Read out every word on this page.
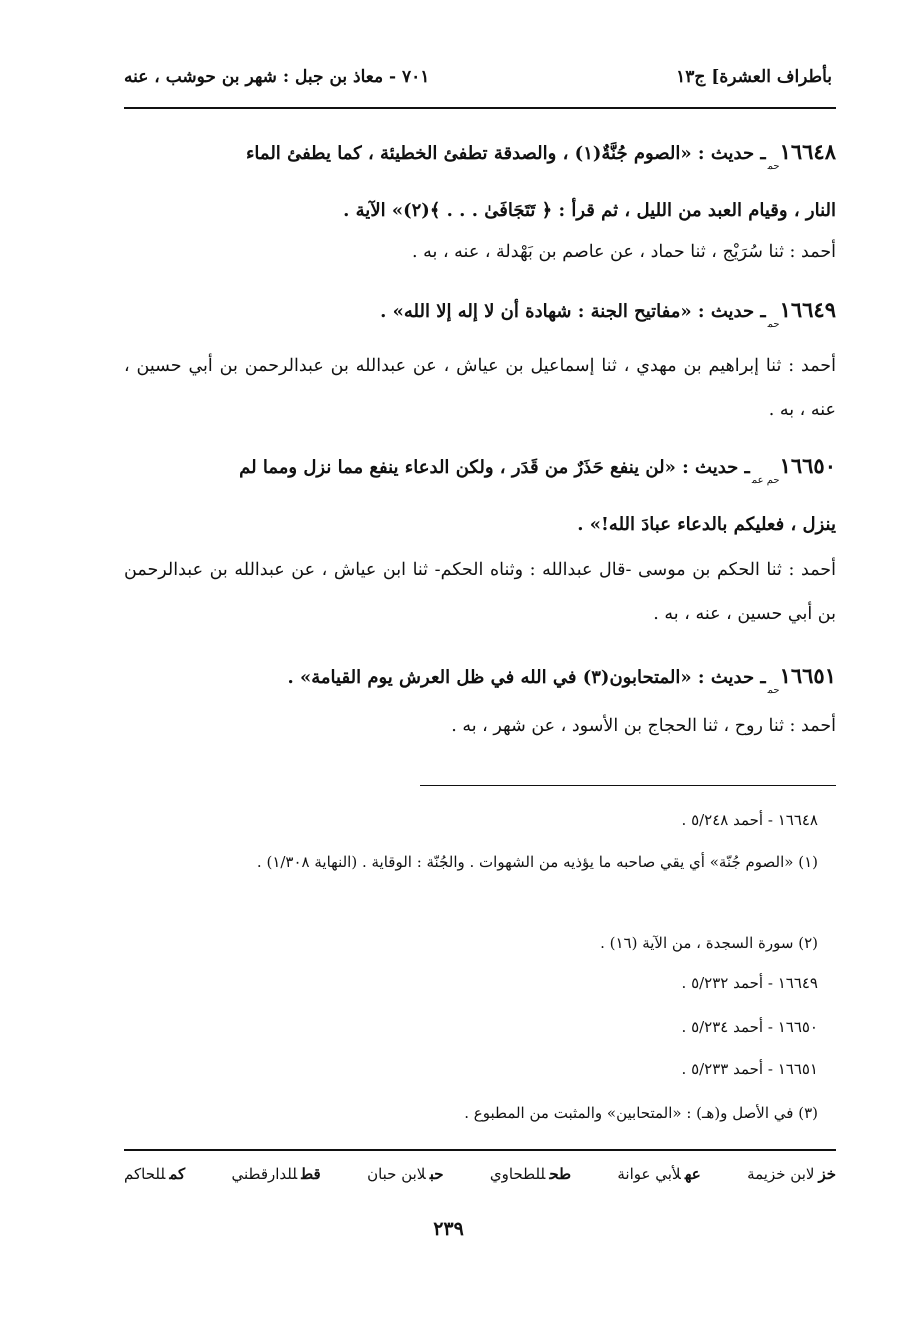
٧٠١ - معاذ بن جبل : شهر بن حوشب ، عنه	بأطراف العشرة] ج١٣
$١٦٦٤٨_{حم}ـ$ حديث : «الصوم جُنَّةٌ(١) ، والصدقة تطفئ الخطيئة ، كما يطفئ الماء
النار ، وقيام العبد من الليل ، ثم قرأ : ﴿ تَتَجَافَىٰ . . . ﴾(٢)» الآية .
أحمد : ثنا سُرَيْج ، ثنا حماد ، عن عاصم بن بَهْدلة ، عنه ، به .
$١٦٦٤٩_{حم}ـ$ حديث : «مفاتيح الجنة : شهادة أن لا إله إلا الله» .
أحمد : ثنا إبراهيم بن مهدي ، ثنا إسماعيل بن عياش ، عن عبدالله بن عبدالرحمن بن أبي حسين ، عنه ، به .
$١٦٦٥٠_{حم عم}ـ$ حديث : «لن ينفع حَذَرٌ من قَدَر ، ولكن الدعاء ينفع مما نزل ومما لم
ينزل ، فعليكم بالدعاء عبادَ الله!» .
أحمد : ثنا الحكم بن موسى -قال عبدالله : وثناه الحكم- ثنا ابن عياش ، عن عبدالله بن عبدالرحمن بن أبي حسين ، عنه ، به .
$١٦٦٥١_{حم}ـ$ حديث : «المتحابون(٣) في الله في ظل العرش يوم القيامة» .
أحمد : ثنا روح ، ثنا الحجاج بن الأسود ، عن شهر ، به .
١٦٦٤٨ - أحمد ٥/٢٤٨ .
(١) «الصوم جُنّة» أي يقي صاحبه ما يؤذيه من الشهوات . والجُنّة : الوقاية . (النهاية ١/٣٠٨) .
(٢) سورة السجدة ، من الآية (١٦) .
١٦٦٤٩ - أحمد ٥/٢٣٢ .
١٦٦٥٠ - أحمد ٥/٢٣٤ .
١٦٦٥١ - أحمد ٥/٢٣٣ .
(٣) في الأصل و(هـ) : «المتحابين» والمثبت من المطبوع .
خزلابن خزيمة
عهلأبي عوانة
طحللطحاوي
حبلابن حبان
قطللدارقطني
كمللحاكم
٢٣٩
